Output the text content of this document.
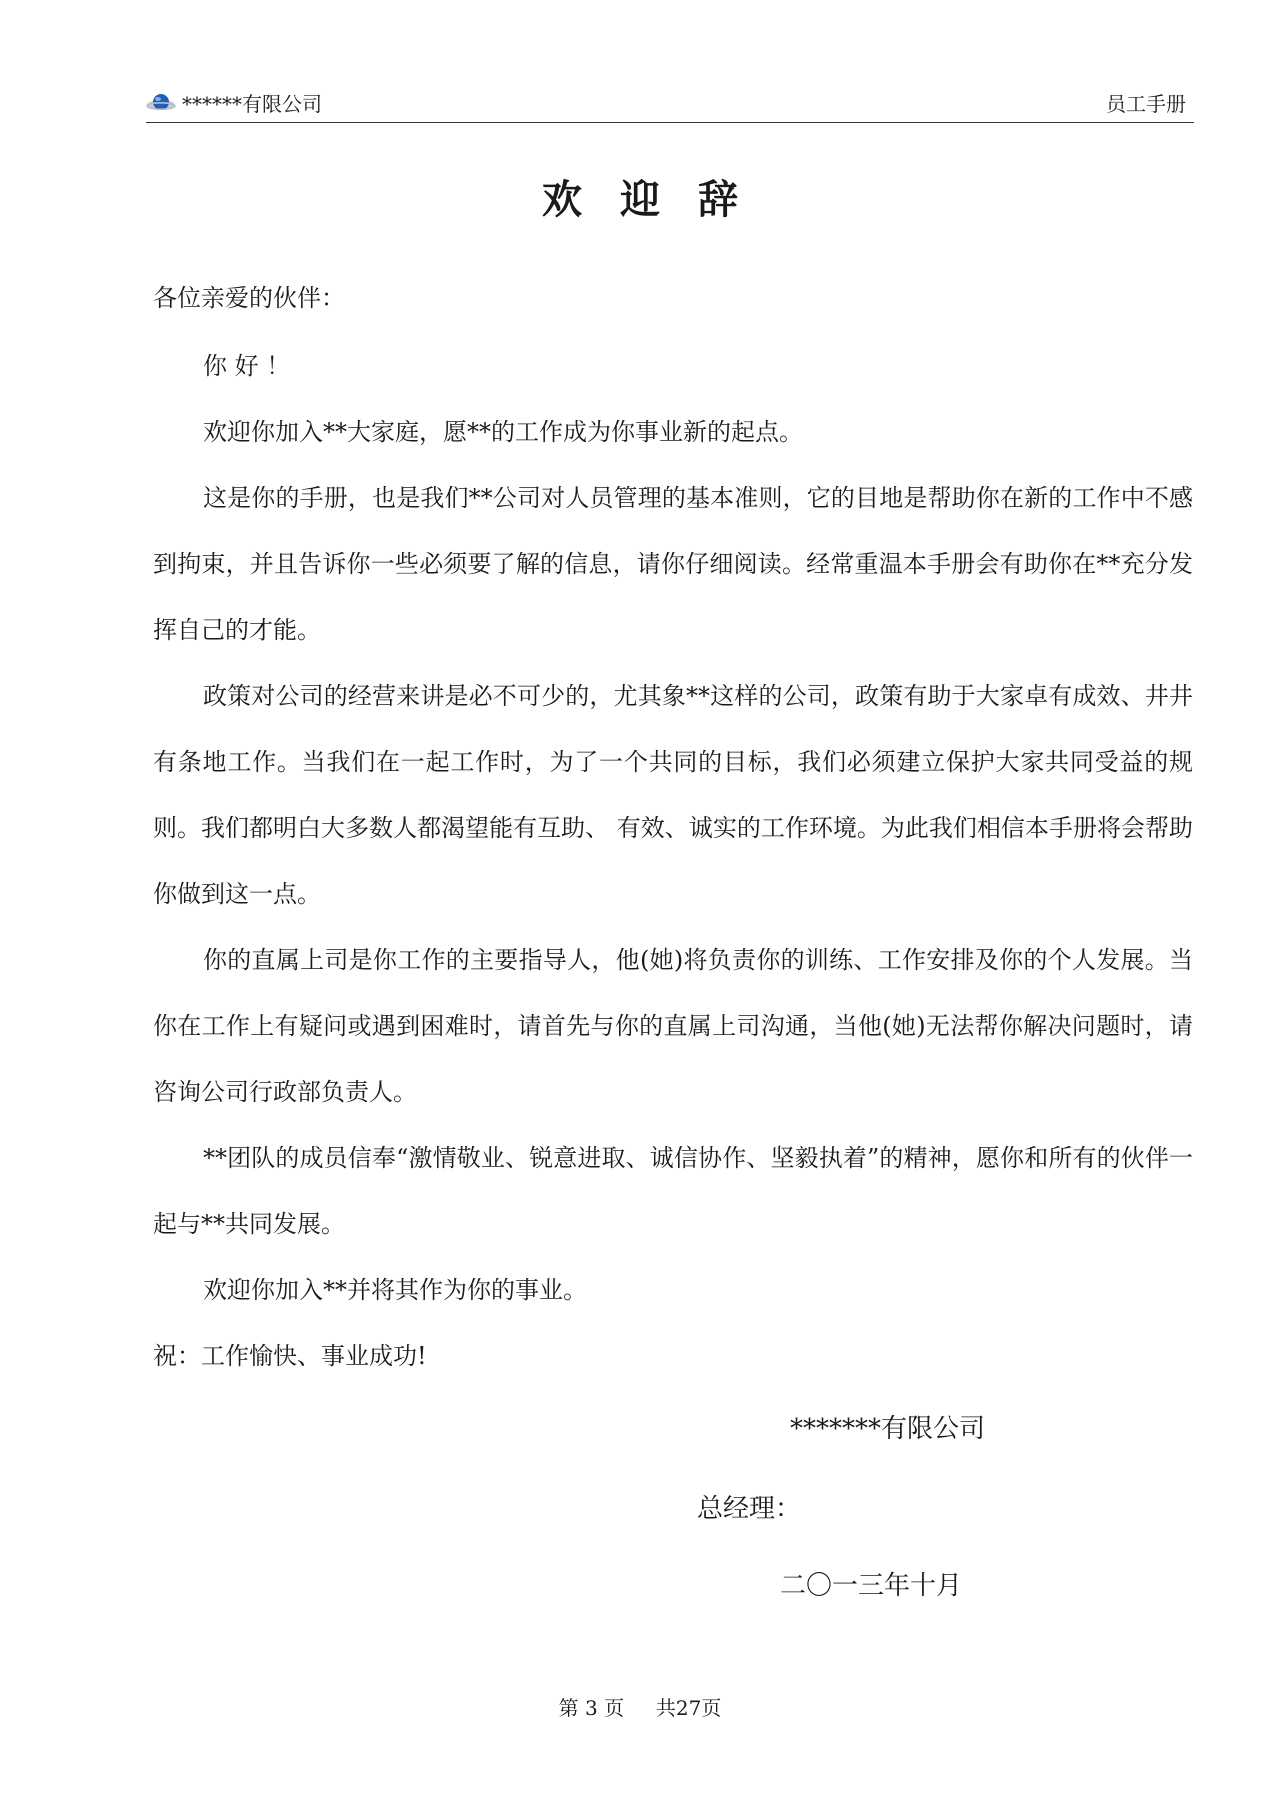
******有限公司	员工手册
欢迎辞

各位亲爱的伙伴：

你 好 ！

欢迎你加入**大家庭，愿**的工作成为你事业新的起点。

这是你的手册，也是我们**公司对人员管理的基本准则，它的目地是帮助你在新的工作中不感到拘束，并且告诉你一些必须要了解的信息，请你仔细阅读。经常重温本手册会有助你在**充分发挥自己的才能。

政策对公司的经营来讲是必不可少的，尤其象**这样的公司，政策有助于大家卓有成效、井井有条地工作。当我们在一起工作时，为了一个共同的目标，我们必须建立保护大家共同受益的规则。我们都明白大多数人都渴望能有互助、 有效、诚实的工作环境。为此我们相信本手册将会帮助你做到这一点。

你的直属上司是你工作的主要指导人，他(她)将负责你的训练、工作安排及你的个人发展。当你在工作上有疑问或遇到困难时，请首先与你的直属上司沟通，当他(她)无法帮你解决问题时，请咨询公司行政部负责人。

**团队的成员信奉“激情敬业、锐意进取、诚信协作、坚毅执着”的精神，愿你和所有的伙伴一起与**共同发展。

欢迎你加入**并将其作为你的事业。

祝：工作愉快、事业成功!

*******有限公司
总经理：
二〇一三年十月
第 3 页 共27页
